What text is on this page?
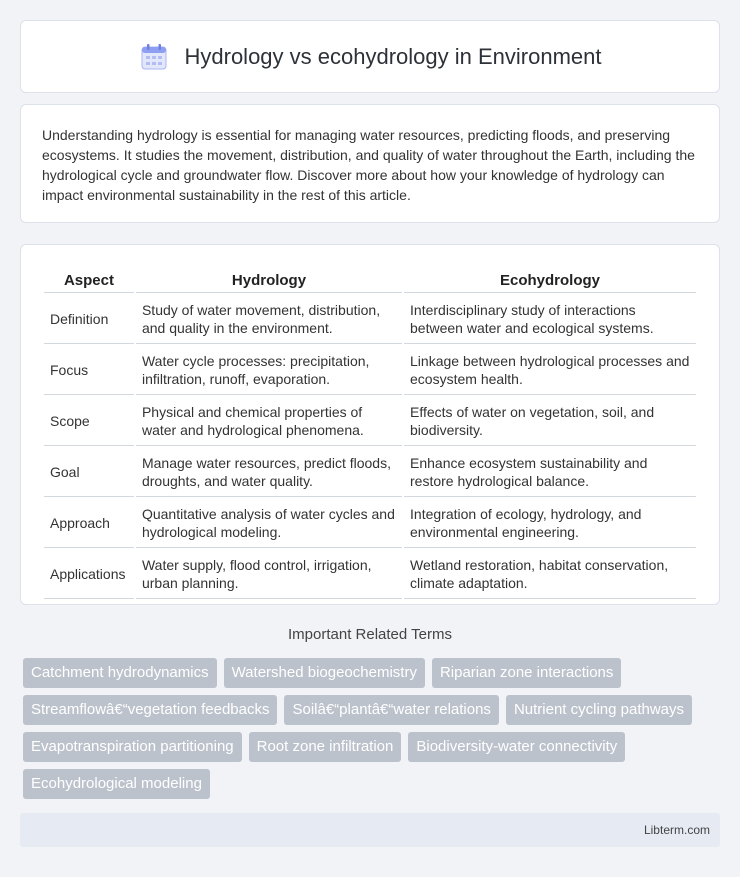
Hydrology vs ecohydrology in Environment

Understanding hydrology is essential for managing water resources, predicting floods, and preserving ecosystems. It studies the movement, distribution, and quality of water throughout the Earth, including the hydrological cycle and groundwater flow. Discover more about how your knowledge of hydrology can impact environmental sustainability in the rest of this article.

Aspect	Hydrology	Ecohydrology
Definition	Study of water movement, distribution, and quality in the environment.	Interdisciplinary study of interactions between water and ecological systems.
Focus	Water cycle processes: precipitation, infiltration, runoff, evaporation.	Linkage between hydrological processes and ecosystem health.
Scope	Physical and chemical properties of water and hydrological phenomena.	Effects of water on vegetation, soil, and biodiversity.
Goal	Manage water resources, predict floods, droughts, and water quality.	Enhance ecosystem sustainability and restore hydrological balance.
Approach	Quantitative analysis of water cycles and hydrological modeling.	Integration of ecology, hydrology, and environmental engineering.
Applications	Water supply, flood control, irrigation, urban planning.	Wetland restoration, habitat conservation, climate adaptation.
Important Related Terms
Catchment hydrodynamics	Watershed biogeochemistry	Riparian zone interactions
Streamflowâ€“vegetation feedbacks	Soilâ€“plantâ€“water relations	Nutrient cycling pathways
Evapotranspiration partitioning	Root zone infiltration	Biodiversity-water connectivity
Ecohydrological modeling
Libterm.com
